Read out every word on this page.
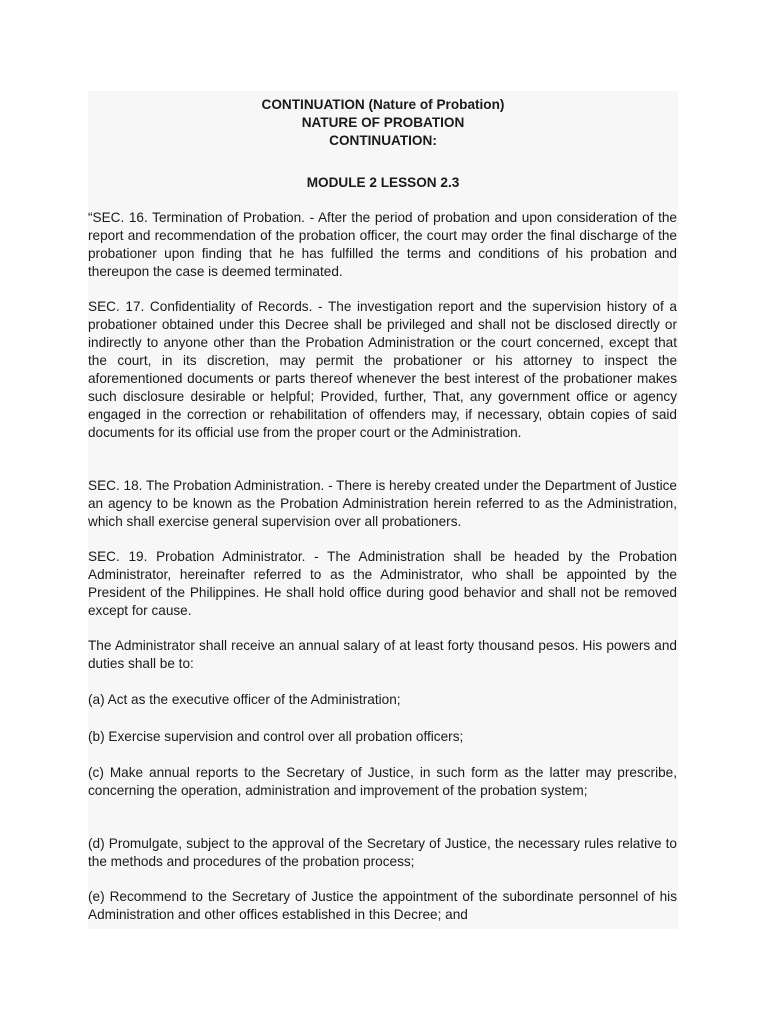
CONTINUATION (Nature of Probation)
NATURE OF PROBATION
CONTINUATION:
MODULE 2 LESSON 2.3

“SEC. 16. Termination of Probation. - After the period of probation and upon consideration of the report and recommendation of the probation officer, the court may order the final discharge of the probationer upon finding that he has fulfilled the terms and conditions of his probation and thereupon the case is deemed terminated.

SEC. 17. Confidentiality of Records. - The investigation report and the supervision history of a probationer obtained under this Decree shall be privileged and shall not be disclosed directly or indirectly to anyone other than the Probation Administration or the court concerned, except that the court, in its discretion, may permit the probationer or his attorney to inspect the aforementioned documents or parts thereof whenever the best interest of the probationer makes such disclosure desirable or helpful; Provided, further, That, any government office or agency engaged in the correction or rehabilitation of offenders may, if necessary, obtain copies of said documents for its official use from the proper court or the Administration.

SEC. 18. The Probation Administration. - There is hereby created under the Department of Justice an agency to be known as the Probation Administration herein referred to as the Administration, which shall exercise general supervision over all probationers.

SEC. 19. Probation Administrator. - The Administration shall be headed by the Probation Administrator, hereinafter referred to as the Administrator, who shall be appointed by the President of the Philippines. He shall hold office during good behavior and shall not be removed except for cause.

The Administrator shall receive an annual salary of at least forty thousand pesos. His powers and duties shall be to:

(a) Act as the executive officer of the Administration;

(b) Exercise supervision and control over all probation officers;

(c) Make annual reports to the Secretary of Justice, in such form as the latter may prescribe, concerning the operation, administration and improvement of the probation system;

(d) Promulgate, subject to the approval of the Secretary of Justice, the necessary rules relative to the methods and procedures of the probation process;

(e) Recommend to the Secretary of Justice the appointment of the subordinate personnel of his Administration and other offices established in this Decree; and
